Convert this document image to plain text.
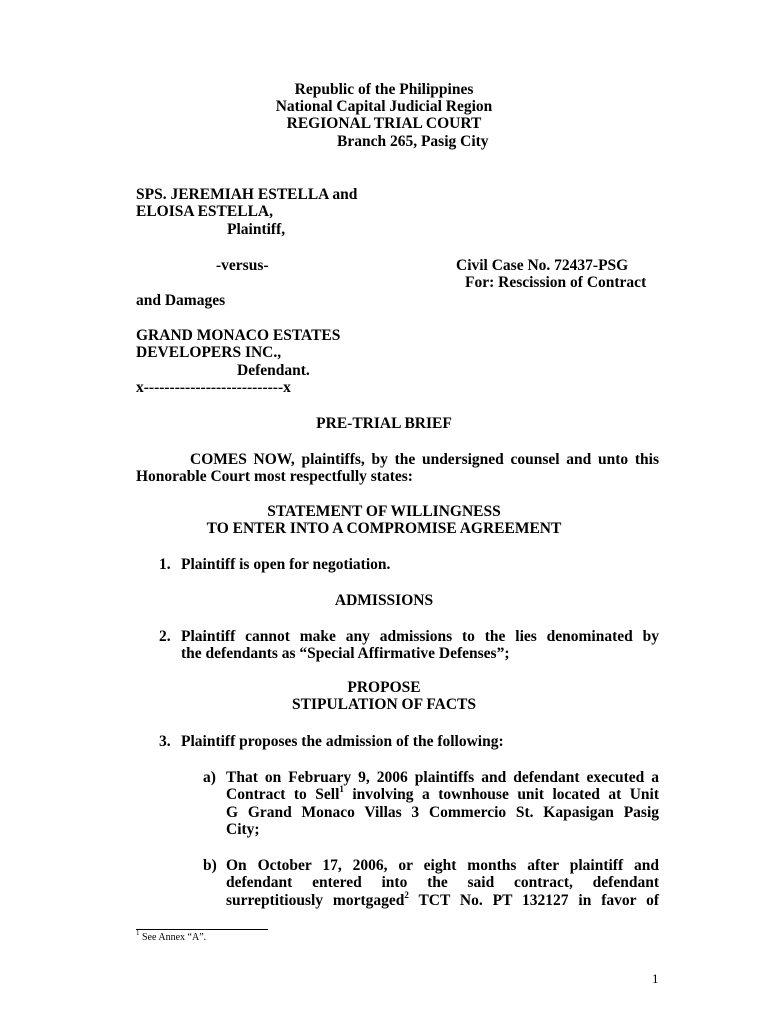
Republic of the Philippines
National Capital Judicial Region
REGIONAL TRIAL COURT
Branch 265, Pasig City
SPS. JEREMIAH ESTELLA and
ELOISA ESTELLA,
Plaintiff,
-versus-	Civil Case No. 72437-PSG
For: Rescission of Contract
and Damages
GRAND MONACO ESTATES
DEVELOPERS INC.,
Defendant.
x---------------------------x
PRE-TRIAL BRIEF
COMES NOW, plaintiffs, by the undersigned counsel and unto this
Honorable Court most respectfully states:
STATEMENT OF WILLINGNESS
TO ENTER INTO A COMPROMISE AGREEMENT
1. Plaintiff is open for negotiation.
ADMISSIONS
2. Plaintiff cannot make any admissions to the lies denominated by
the defendants as “Special Affirmative Defenses”;
PROPOSE
STIPULATION OF FACTS
3. Plaintiff proposes the admission of the following:
a) That on February 9, 2006 plaintiffs and defendant executed a
Contract to Sell$^1$ involving a townhouse unit located at Unit
G Grand Monaco Villas 3 Commercio St. Kapasigan Pasig
City;
b) On October 17, 2006, or eight months after plaintiff and
defendant entered into the said contract, defendant
surreptitiously mortgaged$^2$ TCT No. PT 132127 in favor of
$^1$ See Annex “A”.
1
